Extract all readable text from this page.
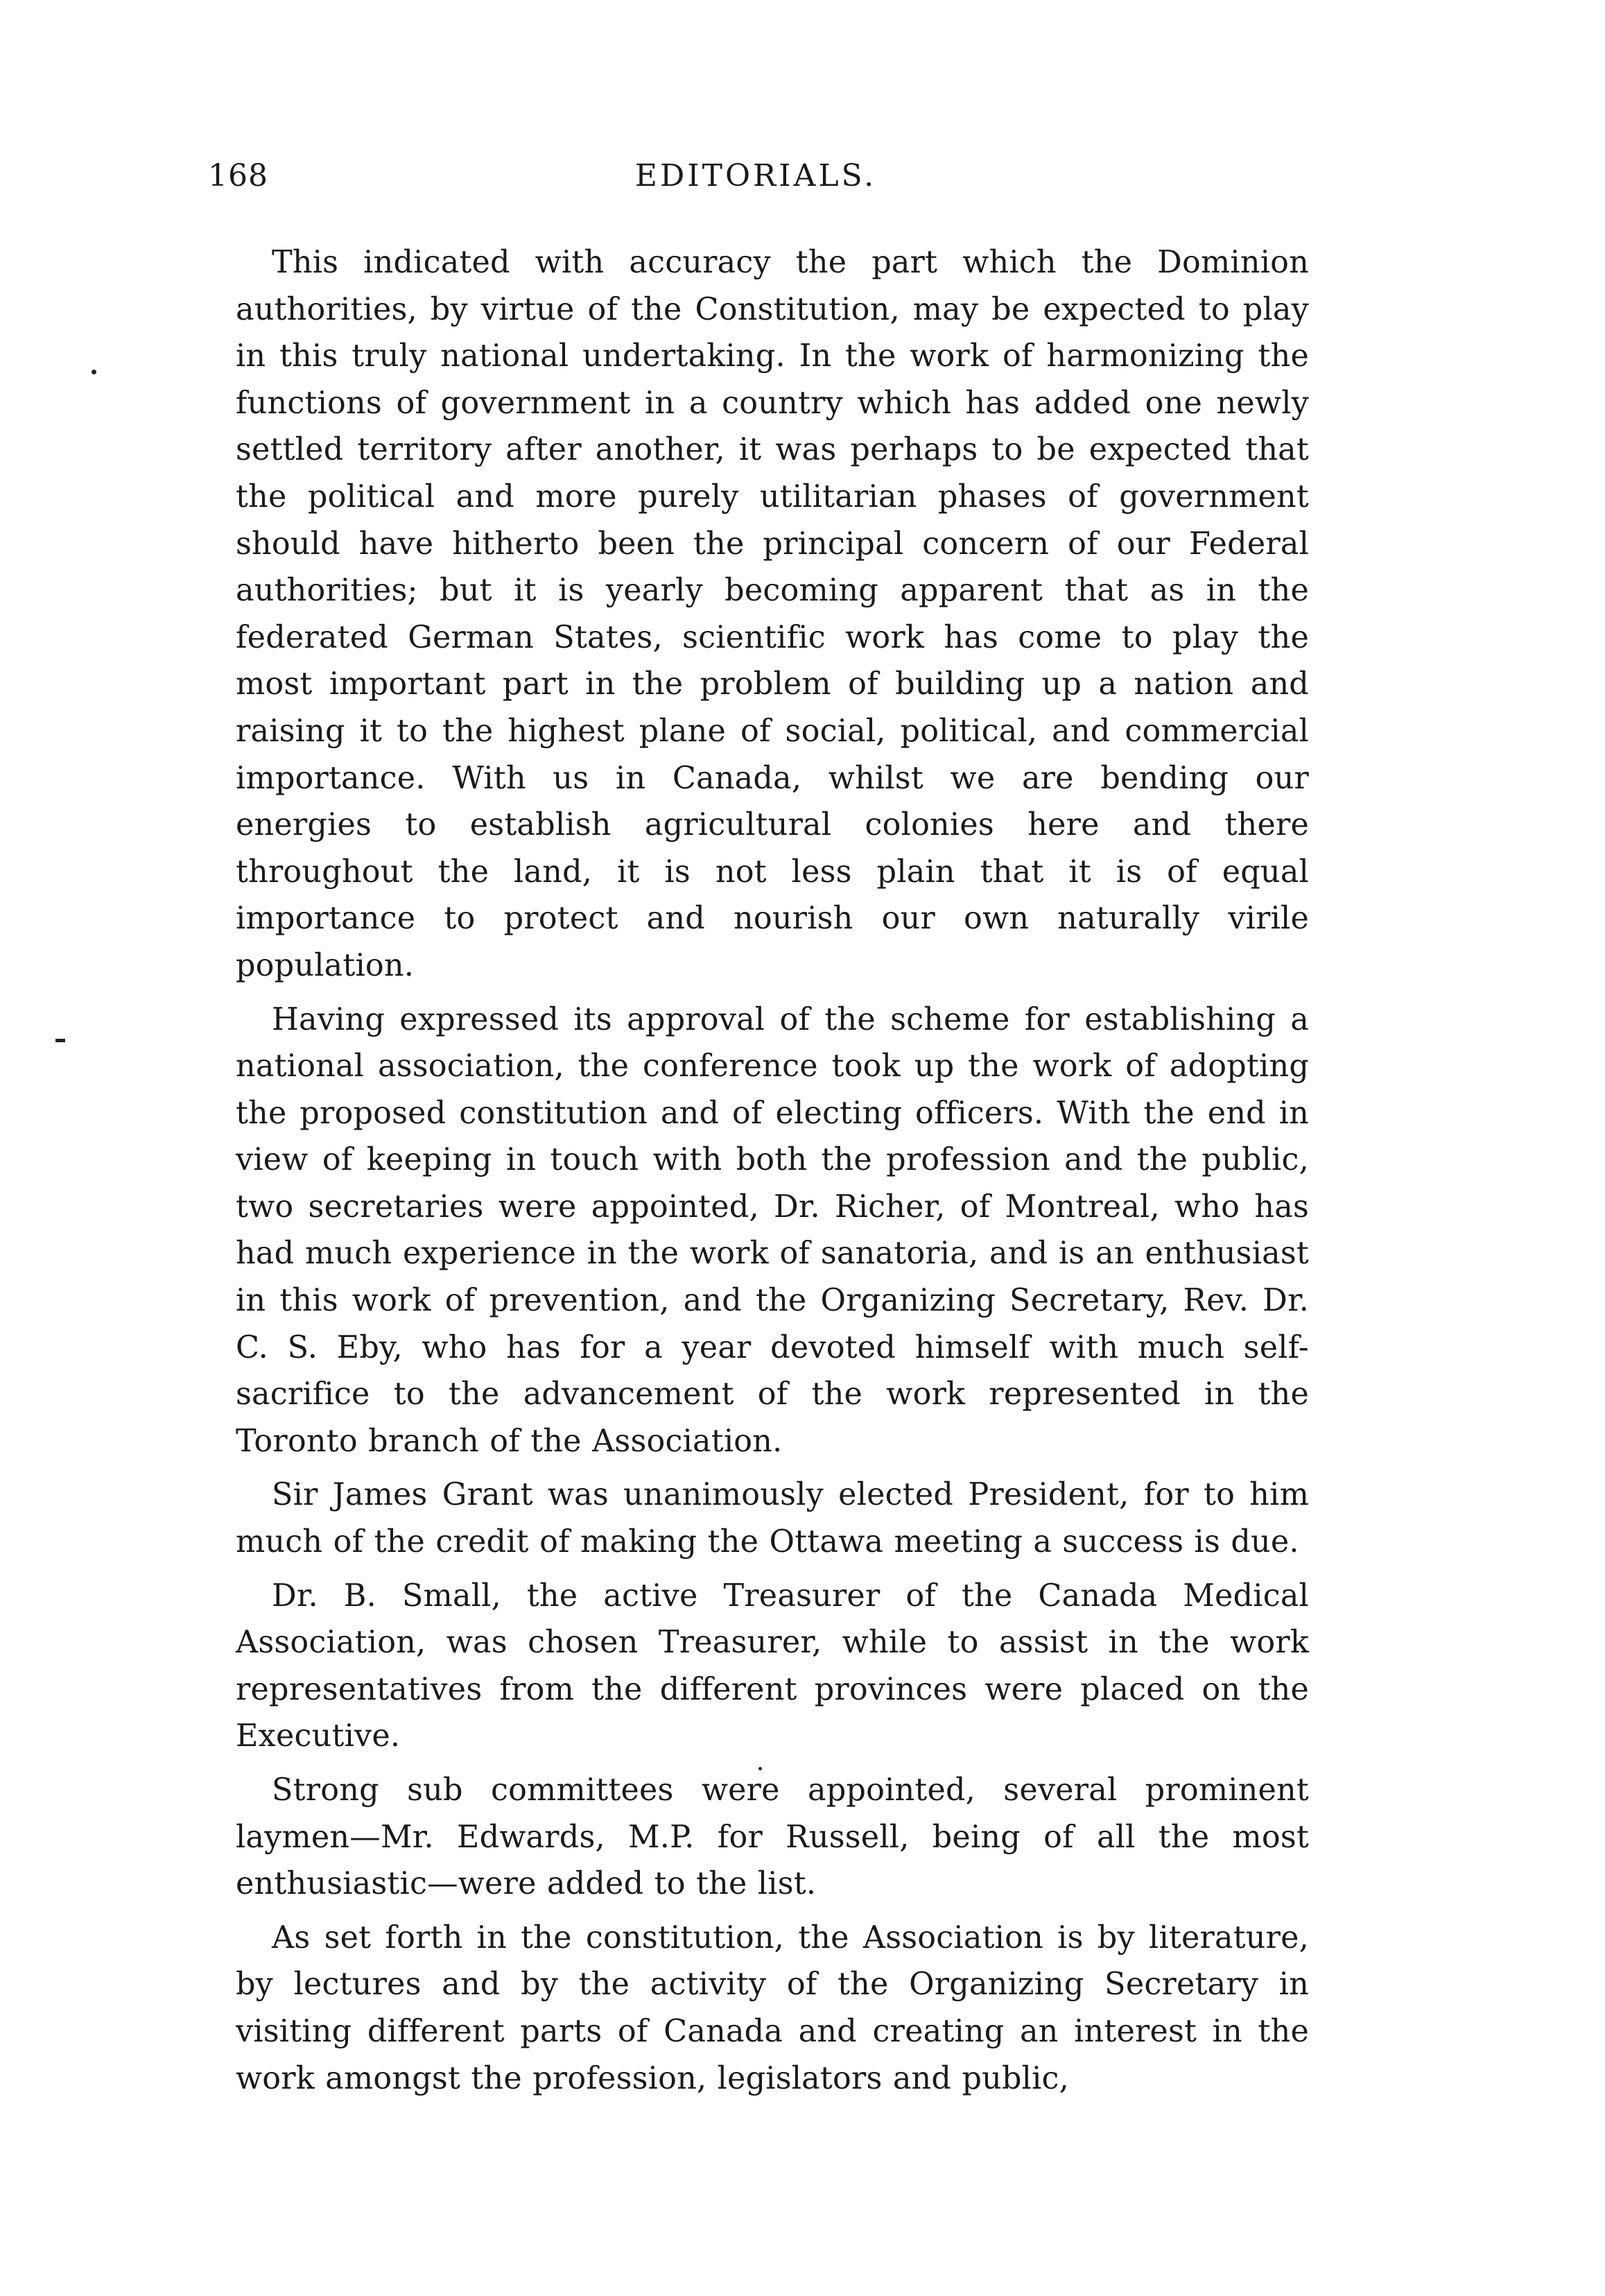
168	EDITORIALS.

This indicated with accuracy the part which the Dominion authorities, by virtue of the Constitution, may be expected to play in this truly national undertaking. In the work of harmonizing the functions of government in a country which has added one newly settled territory after another, it was perhaps to be expected that the political and more purely utilitarian phases of government should have hitherto been the principal concern of our Federal authorities; but it is yearly becoming apparent that as in the federated German States, scientific work has come to play the most important part in the problem of building up a nation and raising it to the highest plane of social, political, and commercial importance. With us in Canada, whilst we are bending our energies to establish agricultural colonies here and there throughout the land, it is not less plain that it is of equal importance to protect and nourish our own naturally virile population.

Having expressed its approval of the scheme for establishing a national association, the conference took up the work of adopting the proposed constitution and of electing officers. With the end in view of keeping in touch with both the profession and the public, two secretaries were appointed, Dr. Richer, of Montreal, who has had much experience in the work of sanatoria, and is an enthusiast in this work of prevention, and the Organizing Secretary, Rev. Dr. C. S. Eby, who has for a year devoted himself with much self-sacrifice to the advancement of the work represented in the Toronto branch of the Association.

Sir James Grant was unanimously elected President, for to him much of the credit of making the Ottawa meeting a success is due.

Dr. B. Small, the active Treasurer of the Canada Medical Association, was chosen Treasurer, while to assist in the work representatives from the different provinces were placed on the Executive.

Strong sub committees were appointed, several prominent laymen—Mr. Edwards, M.P. for Russell, being of all the most enthusiastic—were added to the list.

As set forth in the constitution, the Association is by literature, by lectures and by the activity of the Organizing Secretary in visiting different parts of Canada and creating an interest in the work amongst the profession, legislators and public,
